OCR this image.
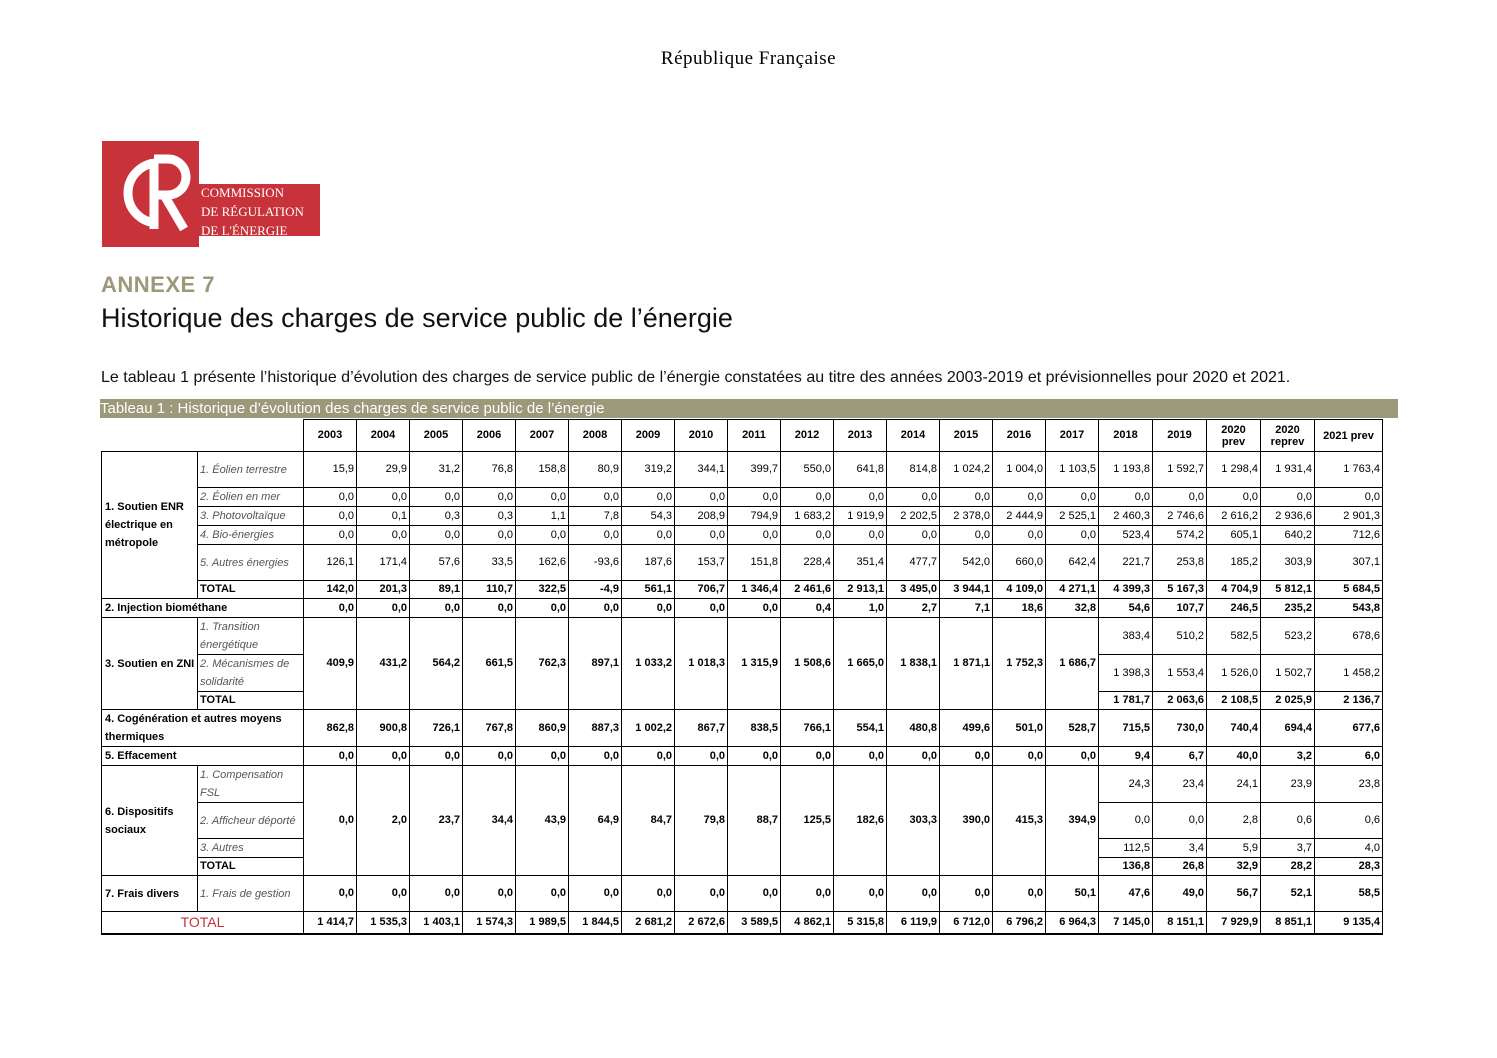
République Française
COMMISSION
DE RÉGULATION
DE L'ÉNERGIE
ANNEXE 7
Historique des charges de service public de l’énergie
Le tableau 1 présente l’historique d’évolution des charges de service public de l’énergie constatées au titre des années 2003-2019 et prévisionnelles pour 2020 et 2021.
Tableau 1 : Historique d’évolution des charges de service public de l’énergie
		2003	2004	2005	2006	2007	2008	2009	2010	2011	2012	2013	2014	2015	2016	2017	2018	2019	2020 prev	2020 reprev	2021 prev
1. Soutien ENR électrique en métropole	1. Éolien terrestre	15,9	29,9	31,2	76,8	158,8	80,9	319,2	344,1	399,7	550,0	641,8	814,8	1 024,2	1 004,0	1 103,5	1 193,8	1 592,7	1 298,4	1 931,4	1 763,4
	2. Éolien en mer	0,0	0,0	0,0	0,0	0,0	0,0	0,0	0,0	0,0	0,0	0,0	0,0	0,0	0,0	0,0	0,0	0,0	0,0	0,0	0,0
	3. Photovoltaïque	0,0	0,1	0,3	0,3	1,1	7,8	54,3	208,9	794,9	1 683,2	1 919,9	2 202,5	2 378,0	2 444,9	2 525,1	2 460,3	2 746,6	2 616,2	2 936,6	2 901,3
	4. Bio-énergies	0,0	0,0	0,0	0,0	0,0	0,0	0,0	0,0	0,0	0,0	0,0	0,0	0,0	0,0	0,0	523,4	574,2	605,1	640,2	712,6
	5. Autres énergies	126,1	171,4	57,6	33,5	162,6	-93,6	187,6	153,7	151,8	228,4	351,4	477,7	542,0	660,0	642,4	221,7	253,8	185,2	303,9	307,1
	TOTAL	142,0	201,3	89,1	110,7	322,5	-4,9	561,1	706,7	1 346,4	2 461,6	2 913,1	3 495,0	3 944,1	4 109,0	4 271,1	4 399,3	5 167,3	4 704,9	5 812,1	5 684,5
2. Injection biométhane		0,0	0,0	0,0	0,0	0,0	0,0	0,0	0,0	0,0	0,4	1,0	2,7	7,1	18,6	32,8	54,6	107,7	246,5	235,2	543,8
3. Soutien en ZNI	1. Transition énergétique	409,9	431,2	564,2	661,5	762,3	897,1	1 033,2	1 018,3	1 315,9	1 508,6	1 665,0	1 838,1	1 871,1	1 752,3	1 686,7	383,4	510,2	582,5	523,2	678,6
	2. Mécanismes de solidarité																1 398,3	1 553,4	1 526,0	1 502,7	1 458,2
	TOTAL																1 781,7	2 063,6	2 108,5	2 025,9	2 136,7
4. Cogénération et autres moyens thermiques		862,8	900,8	726,1	767,8	860,9	887,3	1 002,2	867,7	838,5	766,1	554,1	480,8	499,6	501,0	528,7	715,5	730,0	740,4	694,4	677,6
5. Effacement		0,0	0,0	0,0	0,0	0,0	0,0	0,0	0,0	0,0	0,0	0,0	0,0	0,0	0,0	0,0	9,4	6,7	40,0	3,2	6,0
6. Dispositifs sociaux	1. Compensation FSL	0,0	2,0	23,7	34,4	43,9	64,9	84,7	79,8	88,7	125,5	182,6	303,3	390,0	415,3	394,9	24,3	23,4	24,1	23,9	23,8
	2. Afficheur déporté																0,0	0,0	2,8	0,6	0,6
	3. Autres																112,5	3,4	5,9	3,7	4,0
	TOTAL																136,8	26,8	32,9	28,2	28,3
7. Frais divers	1. Frais de gestion	0,0	0,0	0,0	0,0	0,0	0,0	0,0	0,0	0,0	0,0	0,0	0,0	0,0	0,0	50,1	47,6	49,0	56,7	52,1	58,5
TOTAL		1 414,7	1 535,3	1 403,1	1 574,3	1 989,5	1 844,5	2 681,2	2 672,6	3 589,5	4 862,1	5 315,8	6 119,9	6 712,0	6 796,2	6 964,3	7 145,0	8 151,1	7 929,9	8 851,1	9 135,4
